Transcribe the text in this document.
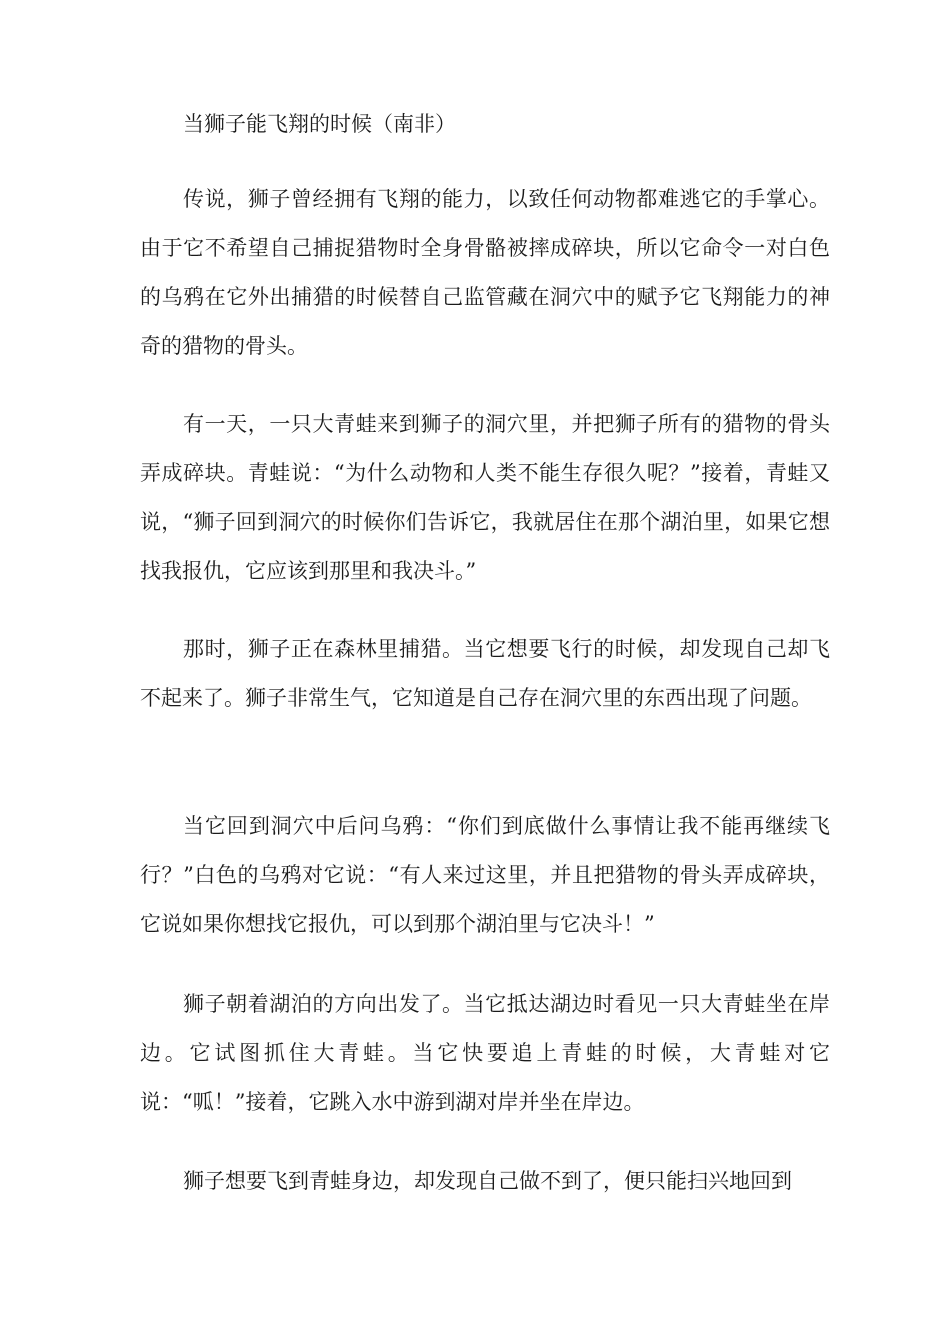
当狮子能飞翔的时候（南非）

传说，狮子曾经拥有飞翔的能力，以致任何动物都难逃它的手掌心。由于它不希望自己捕捉猎物时全身骨骼被摔成碎块，所以它命令一对白色的乌鸦在它外出捕猎的时候替自己监管藏在洞穴中的赋予它飞翔能力的神奇的猎物的骨头。

有一天，一只大青蛙来到狮子的洞穴里，并把狮子所有的猎物的骨头弄成碎块。青蛙说：“为什么动物和人类不能生存很久呢？”接着，青蛙又说，“狮子回到洞穴的时候你们告诉它，我就居住在那个湖泊里，如果它想找我报仇，它应该到那里和我决斗。”

那时，狮子正在森林里捕猎。当它想要飞行的时候，却发现自己却飞不起来了。狮子非常生气，它知道是自己存在洞穴里的东西出现了问题。

当它回到洞穴中后问乌鸦：“你们到底做什么事情让我不能再继续飞行？”白色的乌鸦对它说：“有人来过这里，并且把猎物的骨头弄成碎块，它说如果你想找它报仇，可以到那个湖泊里与它决斗！”

狮子朝着湖泊的方向出发了。当它抵达湖边时看见一只大青蛙坐在岸边。它试图抓住大青蛙。当它快要追上青蛙的时候，大青蛙对它说：“呱！”接着，它跳入水中游到湖对岸并坐在岸边。

狮子想要飞到青蛙身边，却发现自己做不到了，便只能扫兴地回到
